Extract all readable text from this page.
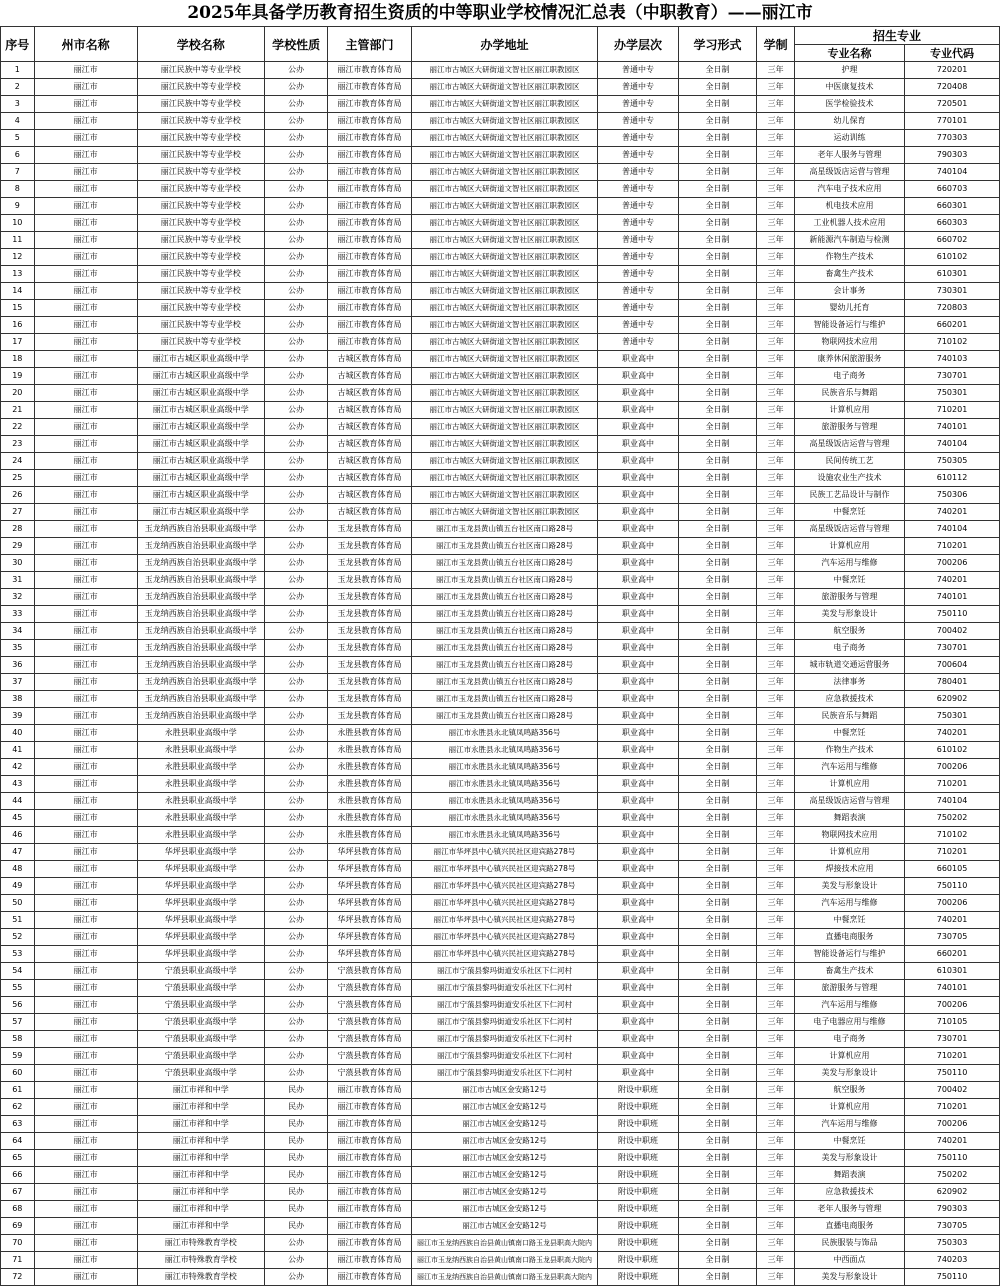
2025年具备学历教育招生资质的中等职业学校情况汇总表（中职教育）——丽江市
序号	州市名称	学校名称	学校性质	主管部门	办学地址	办学层次	学习形式	学制	招生专业	
									专业名称	专业代码
1	丽江市	丽江民族中等专业学校	公办	丽江市教育体育局	丽江市古城区大研街道文智社区丽江职教园区	普通中专	全日制	三年	护理	720201
2	丽江市	丽江民族中等专业学校	公办	丽江市教育体育局	丽江市古城区大研街道文智社区丽江职教园区	普通中专	全日制	三年	中医康复技术	720408
3	丽江市	丽江民族中等专业学校	公办	丽江市教育体育局	丽江市古城区大研街道文智社区丽江职教园区	普通中专	全日制	三年	医学检验技术	720501
4	丽江市	丽江民族中等专业学校	公办	丽江市教育体育局	丽江市古城区大研街道文智社区丽江职教园区	普通中专	全日制	三年	幼儿保育	770101
5	丽江市	丽江民族中等专业学校	公办	丽江市教育体育局	丽江市古城区大研街道文智社区丽江职教园区	普通中专	全日制	三年	运动训练	770303
6	丽江市	丽江民族中等专业学校	公办	丽江市教育体育局	丽江市古城区大研街道文智社区丽江职教园区	普通中专	全日制	三年	老年人服务与管理	790303
7	丽江市	丽江民族中等专业学校	公办	丽江市教育体育局	丽江市古城区大研街道文智社区丽江职教园区	普通中专	全日制	三年	高星级饭店运营与管理	740104
8	丽江市	丽江民族中等专业学校	公办	丽江市教育体育局	丽江市古城区大研街道文智社区丽江职教园区	普通中专	全日制	三年	汽车电子技术应用	660703
9	丽江市	丽江民族中等专业学校	公办	丽江市教育体育局	丽江市古城区大研街道文智社区丽江职教园区	普通中专	全日制	三年	机电技术应用	660301
10	丽江市	丽江民族中等专业学校	公办	丽江市教育体育局	丽江市古城区大研街道文智社区丽江职教园区	普通中专	全日制	三年	工业机器人技术应用	660303
11	丽江市	丽江民族中等专业学校	公办	丽江市教育体育局	丽江市古城区大研街道文智社区丽江职教园区	普通中专	全日制	三年	新能源汽车制造与检测	660702
12	丽江市	丽江民族中等专业学校	公办	丽江市教育体育局	丽江市古城区大研街道文智社区丽江职教园区	普通中专	全日制	三年	作物生产技术	610102
13	丽江市	丽江民族中等专业学校	公办	丽江市教育体育局	丽江市古城区大研街道文智社区丽江职教园区	普通中专	全日制	三年	畜禽生产技术	610301
14	丽江市	丽江民族中等专业学校	公办	丽江市教育体育局	丽江市古城区大研街道文智社区丽江职教园区	普通中专	全日制	三年	会计事务	730301
15	丽江市	丽江民族中等专业学校	公办	丽江市教育体育局	丽江市古城区大研街道文智社区丽江职教园区	普通中专	全日制	三年	婴幼儿托育	720803
16	丽江市	丽江民族中等专业学校	公办	丽江市教育体育局	丽江市古城区大研街道文智社区丽江职教园区	普通中专	全日制	三年	智能设备运行与维护	660201
17	丽江市	丽江民族中等专业学校	公办	丽江市教育体育局	丽江市古城区大研街道文智社区丽江职教园区	普通中专	全日制	三年	物联网技术应用	710102
18	丽江市	丽江市古城区职业高级中学	公办	古城区教育体育局	丽江市古城区大研街道文智社区丽江职教园区	职业高中	全日制	三年	康养休闲旅游服务	740103
19	丽江市	丽江市古城区职业高级中学	公办	古城区教育体育局	丽江市古城区大研街道文智社区丽江职教园区	职业高中	全日制	三年	电子商务	730701
20	丽江市	丽江市古城区职业高级中学	公办	古城区教育体育局	丽江市古城区大研街道文智社区丽江职教园区	职业高中	全日制	三年	民族音乐与舞蹈	750301
21	丽江市	丽江市古城区职业高级中学	公办	古城区教育体育局	丽江市古城区大研街道文智社区丽江职教园区	职业高中	全日制	三年	计算机应用	710201
22	丽江市	丽江市古城区职业高级中学	公办	古城区教育体育局	丽江市古城区大研街道文智社区丽江职教园区	职业高中	全日制	三年	旅游服务与管理	740101
23	丽江市	丽江市古城区职业高级中学	公办	古城区教育体育局	丽江市古城区大研街道文智社区丽江职教园区	职业高中	全日制	三年	高星级饭店运营与管理	740104
24	丽江市	丽江市古城区职业高级中学	公办	古城区教育体育局	丽江市古城区大研街道文智社区丽江职教园区	职业高中	全日制	三年	民间传统工艺	750305
25	丽江市	丽江市古城区职业高级中学	公办	古城区教育体育局	丽江市古城区大研街道文智社区丽江职教园区	职业高中	全日制	三年	设施农业生产技术	610112
26	丽江市	丽江市古城区职业高级中学	公办	古城区教育体育局	丽江市古城区大研街道文智社区丽江职教园区	职业高中	全日制	三年	民族工艺品设计与制作	750306
27	丽江市	丽江市古城区职业高级中学	公办	古城区教育体育局	丽江市古城区大研街道文智社区丽江职教园区	职业高中	全日制	三年	中餐烹饪	740201
28	丽江市	玉龙纳西族自治县职业高级中学	公办	玉龙县教育体育局	丽江市玉龙县黄山镇五台社区南口路28号	职业高中	全日制	三年	高星级饭店运营与管理	740104
29	丽江市	玉龙纳西族自治县职业高级中学	公办	玉龙县教育体育局	丽江市玉龙县黄山镇五台社区南口路28号	职业高中	全日制	三年	计算机应用	710201
30	丽江市	玉龙纳西族自治县职业高级中学	公办	玉龙县教育体育局	丽江市玉龙县黄山镇五台社区南口路28号	职业高中	全日制	三年	汽车运用与维修	700206
31	丽江市	玉龙纳西族自治县职业高级中学	公办	玉龙县教育体育局	丽江市玉龙县黄山镇五台社区南口路28号	职业高中	全日制	三年	中餐烹饪	740201
32	丽江市	玉龙纳西族自治县职业高级中学	公办	玉龙县教育体育局	丽江市玉龙县黄山镇五台社区南口路28号	职业高中	全日制	三年	旅游服务与管理	740101
33	丽江市	玉龙纳西族自治县职业高级中学	公办	玉龙县教育体育局	丽江市玉龙县黄山镇五台社区南口路28号	职业高中	全日制	三年	美发与形象设计	750110
34	丽江市	玉龙纳西族自治县职业高级中学	公办	玉龙县教育体育局	丽江市玉龙县黄山镇五台社区南口路28号	职业高中	全日制	三年	航空服务	700402
35	丽江市	玉龙纳西族自治县职业高级中学	公办	玉龙县教育体育局	丽江市玉龙县黄山镇五台社区南口路28号	职业高中	全日制	三年	电子商务	730701
36	丽江市	玉龙纳西族自治县职业高级中学	公办	玉龙县教育体育局	丽江市玉龙县黄山镇五台社区南口路28号	职业高中	全日制	三年	城市轨道交通运营服务	700604
37	丽江市	玉龙纳西族自治县职业高级中学	公办	玉龙县教育体育局	丽江市玉龙县黄山镇五台社区南口路28号	职业高中	全日制	三年	法律事务	780401
38	丽江市	玉龙纳西族自治县职业高级中学	公办	玉龙县教育体育局	丽江市玉龙县黄山镇五台社区南口路28号	职业高中	全日制	三年	应急救援技术	620902
39	丽江市	玉龙纳西族自治县职业高级中学	公办	玉龙县教育体育局	丽江市玉龙县黄山镇五台社区南口路28号	职业高中	全日制	三年	民族音乐与舞蹈	750301
40	丽江市	永胜县职业高级中学	公办	永胜县教育体育局	丽江市永胜县永北镇凤鸣路356号	职业高中	全日制	三年	中餐烹饪	740201
41	丽江市	永胜县职业高级中学	公办	永胜县教育体育局	丽江市永胜县永北镇凤鸣路356号	职业高中	全日制	三年	作物生产技术	610102
42	丽江市	永胜县职业高级中学	公办	永胜县教育体育局	丽江市永胜县永北镇凤鸣路356号	职业高中	全日制	三年	汽车运用与维修	700206
43	丽江市	永胜县职业高级中学	公办	永胜县教育体育局	丽江市永胜县永北镇凤鸣路356号	职业高中	全日制	三年	计算机应用	710201
44	丽江市	永胜县职业高级中学	公办	永胜县教育体育局	丽江市永胜县永北镇凤鸣路356号	职业高中	全日制	三年	高星级饭店运营与管理	740104
45	丽江市	永胜县职业高级中学	公办	永胜县教育体育局	丽江市永胜县永北镇凤鸣路356号	职业高中	全日制	三年	舞蹈表演	750202
46	丽江市	永胜县职业高级中学	公办	永胜县教育体育局	丽江市永胜县永北镇凤鸣路356号	职业高中	全日制	三年	物联网技术应用	710102
47	丽江市	华坪县职业高级中学	公办	华坪县教育体育局	丽江市华坪县中心镇兴民社区迎宾路278号	职业高中	全日制	三年	计算机应用	710201
48	丽江市	华坪县职业高级中学	公办	华坪县教育体育局	丽江市华坪县中心镇兴民社区迎宾路278号	职业高中	全日制	三年	焊接技术应用	660105
49	丽江市	华坪县职业高级中学	公办	华坪县教育体育局	丽江市华坪县中心镇兴民社区迎宾路278号	职业高中	全日制	三年	美发与形象设计	750110
50	丽江市	华坪县职业高级中学	公办	华坪县教育体育局	丽江市华坪县中心镇兴民社区迎宾路278号	职业高中	全日制	三年	汽车运用与维修	700206
51	丽江市	华坪县职业高级中学	公办	华坪县教育体育局	丽江市华坪县中心镇兴民社区迎宾路278号	职业高中	全日制	三年	中餐烹饪	740201
52	丽江市	华坪县职业高级中学	公办	华坪县教育体育局	丽江市华坪县中心镇兴民社区迎宾路278号	职业高中	全日制	三年	直播电商服务	730705
53	丽江市	华坪县职业高级中学	公办	华坪县教育体育局	丽江市华坪县中心镇兴民社区迎宾路278号	职业高中	全日制	三年	智能设备运行与维护	660201
54	丽江市	宁蒗县职业高级中学	公办	宁蒗县教育体育局	丽江市宁蒗县黎玛街道安乐社区下仁河村	职业高中	全日制	三年	畜禽生产技术	610301
55	丽江市	宁蒗县职业高级中学	公办	宁蒗县教育体育局	丽江市宁蒗县黎玛街道安乐社区下仁河村	职业高中	全日制	三年	旅游服务与管理	740101
56	丽江市	宁蒗县职业高级中学	公办	宁蒗县教育体育局	丽江市宁蒗县黎玛街道安乐社区下仁河村	职业高中	全日制	三年	汽车运用与维修	700206
57	丽江市	宁蒗县职业高级中学	公办	宁蒗县教育体育局	丽江市宁蒗县黎玛街道安乐社区下仁河村	职业高中	全日制	三年	电子电器应用与维修	710105
58	丽江市	宁蒗县职业高级中学	公办	宁蒗县教育体育局	丽江市宁蒗县黎玛街道安乐社区下仁河村	职业高中	全日制	三年	电子商务	730701
59	丽江市	宁蒗县职业高级中学	公办	宁蒗县教育体育局	丽江市宁蒗县黎玛街道安乐社区下仁河村	职业高中	全日制	三年	计算机应用	710201
60	丽江市	宁蒗县职业高级中学	公办	宁蒗县教育体育局	丽江市宁蒗县黎玛街道安乐社区下仁河村	职业高中	全日制	三年	美发与形象设计	750110
61	丽江市	丽江市祥和中学	民办	丽江市教育体育局	丽江市古城区金安路12号	附设中职班	全日制	三年	航空服务	700402
62	丽江市	丽江市祥和中学	民办	丽江市教育体育局	丽江市古城区金安路12号	附设中职班	全日制	三年	计算机应用	710201
63	丽江市	丽江市祥和中学	民办	丽江市教育体育局	丽江市古城区金安路12号	附设中职班	全日制	三年	汽车运用与维修	700206
64	丽江市	丽江市祥和中学	民办	丽江市教育体育局	丽江市古城区金安路12号	附设中职班	全日制	三年	中餐烹饪	740201
65	丽江市	丽江市祥和中学	民办	丽江市教育体育局	丽江市古城区金安路12号	附设中职班	全日制	三年	美发与形象设计	750110
66	丽江市	丽江市祥和中学	民办	丽江市教育体育局	丽江市古城区金安路12号	附设中职班	全日制	三年	舞蹈表演	750202
67	丽江市	丽江市祥和中学	民办	丽江市教育体育局	丽江市古城区金安路12号	附设中职班	全日制	三年	应急救援技术	620902
68	丽江市	丽江市祥和中学	民办	丽江市教育体育局	丽江市古城区金安路12号	附设中职班	全日制	三年	老年人服务与管理	790303
69	丽江市	丽江市祥和中学	民办	丽江市教育体育局	丽江市古城区金安路12号	附设中职班	全日制	三年	直播电商服务	730705
70	丽江市	丽江市特殊教育学校	公办	丽江市教育体育局	丽江市玉龙纳西族自治县黄山镇南口路玉龙县职高大院内	附设中职班	全日制	三年	民族服装与饰品	750303
71	丽江市	丽江市特殊教育学校	公办	丽江市教育体育局	丽江市玉龙纳西族自治县黄山镇南口路玉龙县职高大院内	附设中职班	全日制	三年	中西面点	740203
72	丽江市	丽江市特殊教育学校	公办	丽江市教育体育局	丽江市玉龙纳西族自治县黄山镇南口路玉龙县职高大院内	附设中职班	全日制	三年	美发与形象设计	750110
